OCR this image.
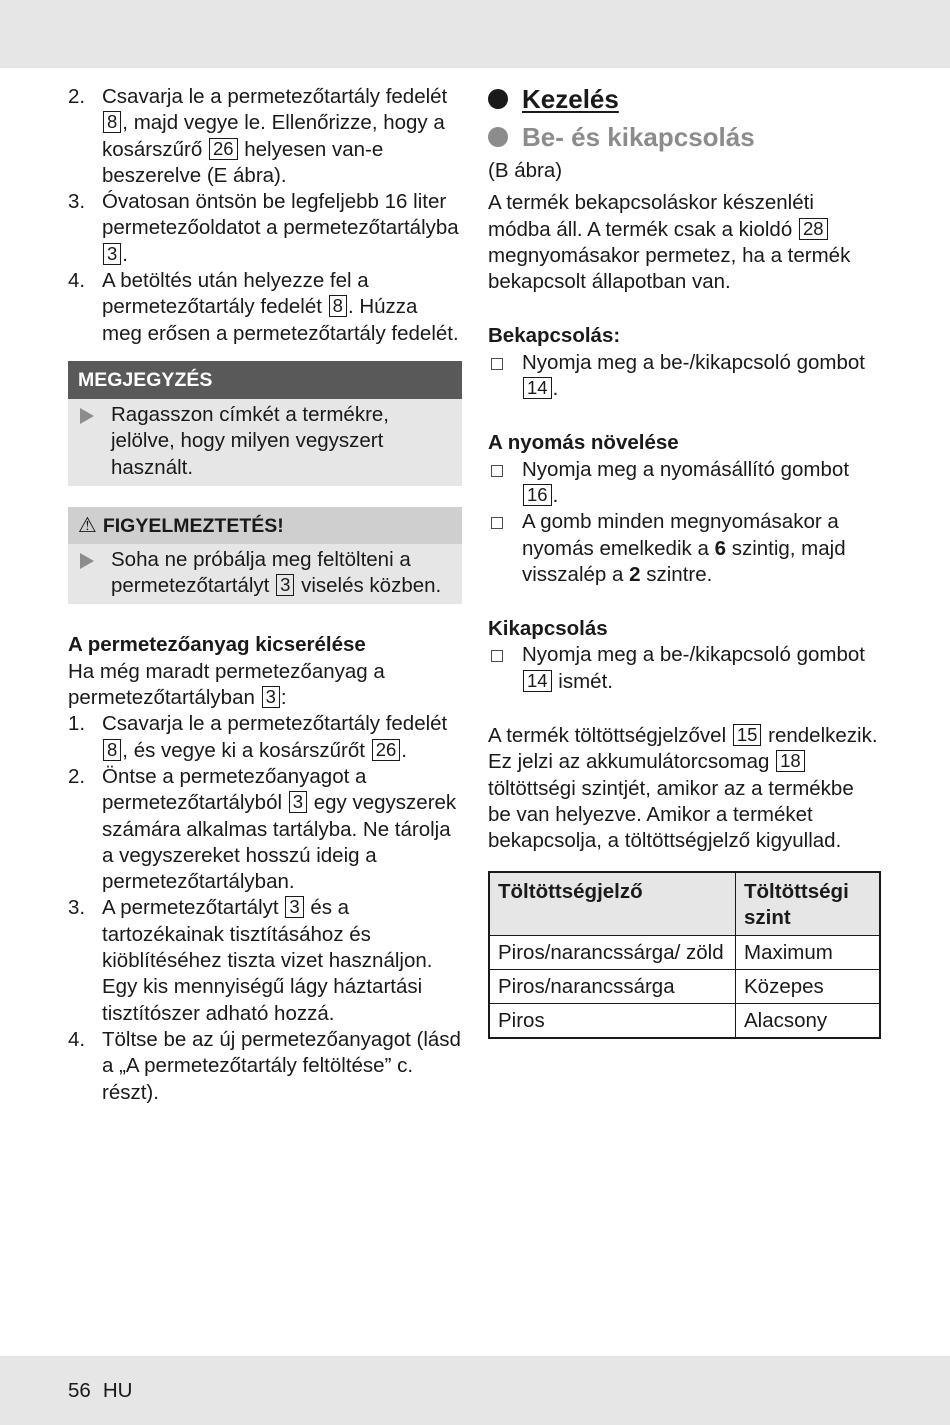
2. Csavarja le a permetezőtartály fedelét 8 , majd vegye le. Ellenőrizze, hogy a kosárszűrő 26 helyesen van-e beszerelve (E ábra).
3. Óvatosan öntsön be legfeljebb 16 liter permetezőoldatot a permetezőtartályba 3 .
4. A betöltés után helyezze fel a permetezőtartály fedelét 8 . Húzza meg erősen a permetezőtartály fedelét.
MEGJEGYZÉS
Ragasszon címkét a termékre, jelölve, hogy milyen vegyszert használt.
⚠ FIGYELMEZTETÉS!
Soha ne próbálja meg feltölteni a permetezőtartályt 3 viselés közben.
A permetezőanyag kicserélése

Ha még maradt permetezőanyag a permetezőtartályban 3 :

1. Csavarja le a permetezőtartály fedelét 8 , és vegye ki a kosárszűrőt 26 .
2. Öntse a permetezőanyagot a permetezőtartályból 3 egy vegyszerek számára alkalmas tartályba. Ne tárolja a vegyszereket hosszú ideig a permetezőtartályban.
3. A permetezőtartályt 3 és a tartozékainak tisztításához és kiöblítéséhez tiszta vizet használjon. Egy kis mennyiségű lágy háztartási tisztítószer adható hozzá.
4. Töltse be az új permetezőanyagot (lásd a „A permetezőtartály feltöltése” c. részt).
Kezelés
Be- és kikapcsolás

(B ábra)

A termék bekapcsoláskor készenléti módba áll. A termék csak a kioldó 28 megnyomásakor permetez, ha a termék bekapcsolt állapotban van.

Bekapcsolás:
Nyomja meg a be-/kikapcsoló gombot 14 .
A nyomás növelése
Nyomja meg a nyomásállító gombot 16 .
A gomb minden megnyomásakor a nyomás emelkedik a 6 szintig, majd visszalép a 2 szintre.
Kikapcsolás
Nyomja meg a be-/kikapcsoló gombot 14 ismét.

A termék töltöttségjelzővel 15 rendelkezik. Ez jelzi az akkumulátorcsomag 18 töltöttségi szintjét, amikor az a termékbe be van helyezve. Amikor a terméket bekapcsolja, a töltöttségjelző kigyullad.

Töltöttségjelző	Töltöttségi szint
Piros/narancssárga/ zöld	Maximum
Piros/narancssárga	Közepes
Piros	Alacsony
56 HU
